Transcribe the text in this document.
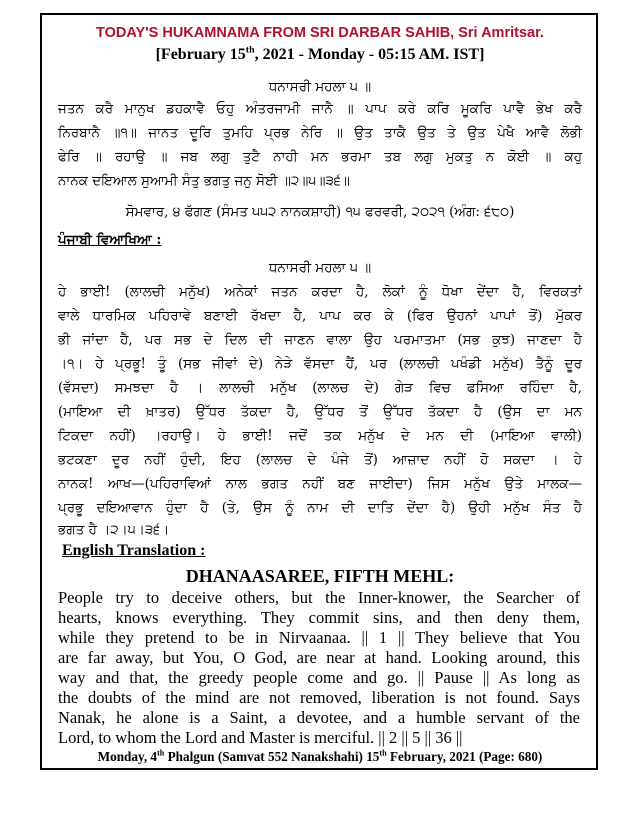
TODAY'S HUKAMNAMA FROM SRI DARBAR SAHIB, Sri Amritsar.
[February 15th, 2021 - Monday - 05:15 AM. IST]
ਧਨਾਸਰੀ ਮਹਲਾ ੫ ॥
ਜਤਨ ਕਰੈ ਮਾਨੁਖ ਡਹਕਾਵੈ ਓਹੁ ਅੰਤਰਜਾਮੀ ਜਾਨੈ ॥ ਪਾਪ ਕਰੇ ਕਰਿ ਮੂਕਰਿ ਪਾਵੈ ਭੇਖ ਕਰੈ
ਨਿਰਬਾਨੈ ॥੧॥ ਜਾਨਤ ਦੂਰਿ ਤੁਮਹਿ ਪ੍ਰਭ ਨੇਰਿ ॥ ਉਤ ਤਾਕੈ ਉਤ ਤੇ ਉਤ ਪੇਖੈ ਆਵੈ ਲੋਭੀ
ਫੇਰਿ ॥ ਰਹਾਉ ॥ ਜਬ ਲਗੁ ਤੁਟੈ ਨਾਹੀ ਮਨ ਭਰਮਾ ਤਬ ਲਗੁ ਮੁਕਤੁ ਨ ਕੋਈ ॥ ਕਹੁ
ਨਾਨਕ ਦਇਆਲ ਸੁਆਮੀ ਸੰਤੁ ਭਗਤੁ ਜਨੁ ਸੋਈ ॥੨॥੫॥੩੬॥
ਸੋਮਵਾਰ, ੪ ਫੱਗਣ (ਸੰਮਤ ੫੫੨ ਨਾਨਕਸ਼ਾਹੀ) ੧੫ ਫਰਵਰੀ, ੨੦੨੧ (ਅੰਗ: ੬੮੦)
ਪੰਜਾਬੀ ਵਿਆਖਿਆ :
ਧਨਾਸਰੀ ਮਹਲਾ ੫ ॥
ਹੇ ਭਾਈ! (ਲਾਲਚੀ ਮਨੁੱਖ) ਅਨੇਕਾਂ ਜਤਨ ਕਰਦਾ ਹੈ, ਲੋਕਾਂ ਨੂੰ ਧੋਖਾ ਦੇਂਦਾ ਹੈ, ਵਿਰਕਤਾਂ
ਵਾਲੇ ਧਾਰਮਿਕ ਪਹਿਰਾਵੇ ਬਣਾਈ ਰੱਖਦਾ ਹੈ, ਪਾਪ ਕਰ ਕੇ (ਫਿਰ ਉਹਨਾਂ ਪਾਪਾਂ ਤੋਂ) ਮੁੱਕਰ
ਭੀ ਜਾਂਦਾ ਹੈ, ਪਰ ਸਭ ਦੇ ਦਿਲ ਦੀ ਜਾਣਨ ਵਾਲਾ ਉਹ ਪਰਮਾਤਮਾ (ਸਭ ਕੁਝ) ਜਾਣਦਾ ਹੈ
।੧। ਹੇ ਪ੍ਰਭੂ! ਤੂੰ (ਸਭ ਜੀਵਾਂ ਦੇ) ਨੇੜੇ ਵੱਸਦਾ ਹੈਂ, ਪਰ (ਲਾਲਚੀ ਪਖੰਡੀ ਮਨੁੱਖ) ਤੈਨੂੰ ਦੂਰ
(ਵੱਸਦਾ) ਸਮਝਦਾ ਹੈ । ਲਾਲਚੀ ਮਨੁੱਖ (ਲਾਲਚ ਦੇ) ਗੇੜ ਵਿਚ ਫਸਿਆ ਰਹਿੰਦਾ ਹੈ,
(ਮਾਇਆ ਦੀ ਖ਼ਾਤਰ) ਉੱਧਰ ਤੱਕਦਾ ਹੈ, ਉੱਧਰ ਤੋਂ ਉੱਧਰ ਤੱਕਦਾ ਹੈ (ਉਸ ਦਾ ਮਨ
ਟਿਕਦਾ ਨਹੀਂ) ।ਰਹਾਉ। ਹੇ ਭਾਈ! ਜਦੋਂ ਤਕ ਮਨੁੱਖ ਦੇ ਮਨ ਦੀ (ਮਾਇਆ ਵਾਲੀ)
ਭਟਕਣਾ ਦੂਰ ਨਹੀਂ ਹੁੰਦੀ, ਇਹ (ਲਾਲਚ ਦੇ ਪੰਜੇ ਤੋਂ) ਆਜ਼ਾਦ ਨਹੀਂ ਹੋ ਸਕਦਾ । ਹੇ
ਨਾਨਕ! ਆਖ—(ਪਹਿਰਾਵਿਆਂ ਨਾਲ ਭਗਤ ਨਹੀਂ ਬਣ ਜਾਈਦਾ) ਜਿਸ ਮਨੁੱਖ ਉਤੇ ਮਾਲਕ—
ਪ੍ਰਭੂ ਦਇਆਵਾਨ ਹੁੰਦਾ ਹੈ (ਤੇ, ਉਸ ਨੂੰ ਨਾਮ ਦੀ ਦਾਤਿ ਦੇਂਦਾ ਹੈ) ਉਹੀ ਮਨੁੱਖ ਸੰਤ ਹੈ
ਭਗਤ ਹੈ ।੨।੫।੩੬।
English Translation :
DHANAASAREE, FIFTH MEHL:
People try to deceive others, but the Inner-knower, the Searcher of
hearts, knows everything. They commit sins, and then deny them,
while they pretend to be in Nirvaanaa. || 1 || They believe that You
are far away, but You, O God, are near at hand. Looking around, this
way and that, the greedy people come and go. || Pause || As long as
the doubts of the mind are not removed, liberation is not found. Says
Nanak, he alone is a Saint, a devotee, and a humble servant of the
Lord, to whom the Lord and Master is merciful. || 2 || 5 || 36 ||
Monday, 4th Phalgun (Samvat 552 Nanakshahi) 15th February, 2021 (Page: 680)
